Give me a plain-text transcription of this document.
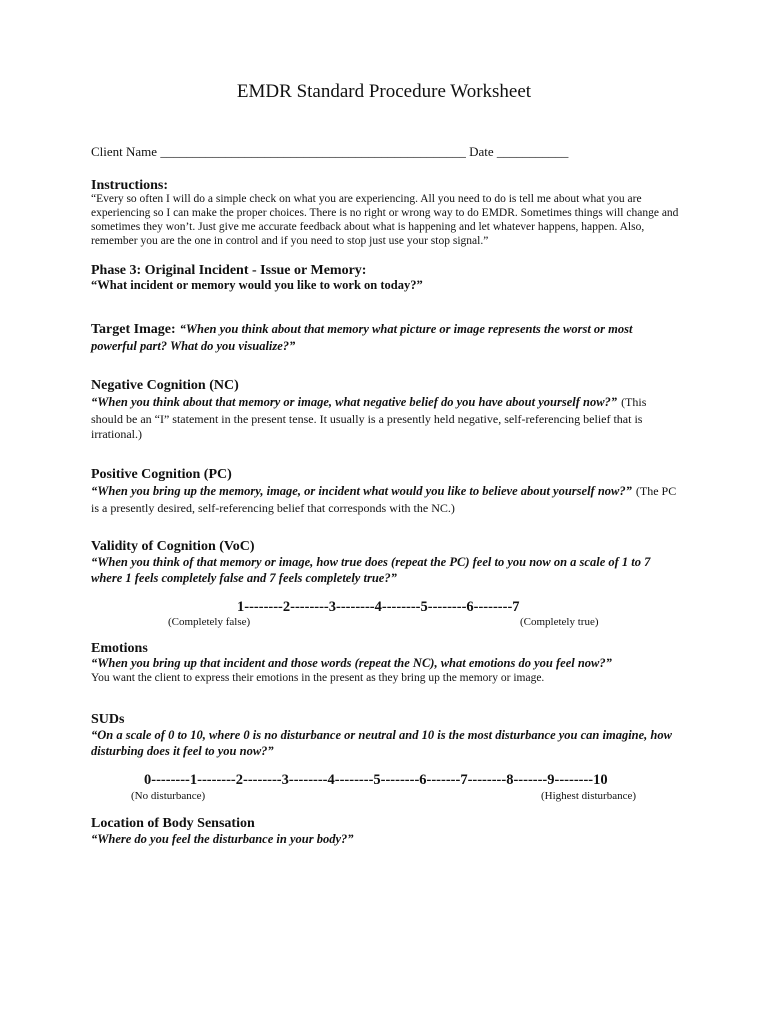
EMDR Standard Procedure Worksheet
Client Name _______________________________________________ Date ___________
Instructions:
“Every so often I will do a simple check on what you are experiencing. All you need to do is tell me about what you are experiencing so I can make the proper choices. There is no right or wrong way to do EMDR. Sometimes things will change and sometimes they won’t. Just give me accurate feedback about what is happening and let whatever happens, happen. Also, remember you are the one in control and if you need to stop just use your stop signal.”
Phase 3: Original Incident - Issue or Memory:
“What incident or memory would you like to work on today?”
Target Image: “When you think about that memory what picture or image represents the worst or most powerful part? What do you visualize?”
Negative Cognition (NC)
“When you think about that memory or image, what negative belief do you have about yourself now?” (This should be an “I” statement in the present tense. It usually is a presently held negative, self-referencing belief that is irrational.)
Positive Cognition (PC)
“When you bring up the memory, image, or incident what would you like to believe about yourself now?” (The PC is a presently desired, self-referencing belief that corresponds with the NC.)
Validity of Cognition (VoC)
“When you think of that memory or image, how true does (repeat the PC) feel to you now on a scale of 1 to 7 where 1 feels completely false and 7 feels completely true?”
1--------2--------3--------4--------5--------6--------7
(Completely false)	(Completely true)
Emotions
“When you bring up that incident and those words (repeat the NC), what emotions do you feel now?”
You want the client to express their emotions in the present as they bring up the memory or image.
SUDs
“On a scale of 0 to 10, where 0 is no disturbance or neutral and 10 is the most disturbance you can imagine, how disturbing does it feel to you now?”
0--------1--------2--------3--------4--------5--------6-------7--------8-------9--------10
(No disturbance)	(Highest disturbance)
Location of Body Sensation
“Where do you feel the disturbance in your body?”
